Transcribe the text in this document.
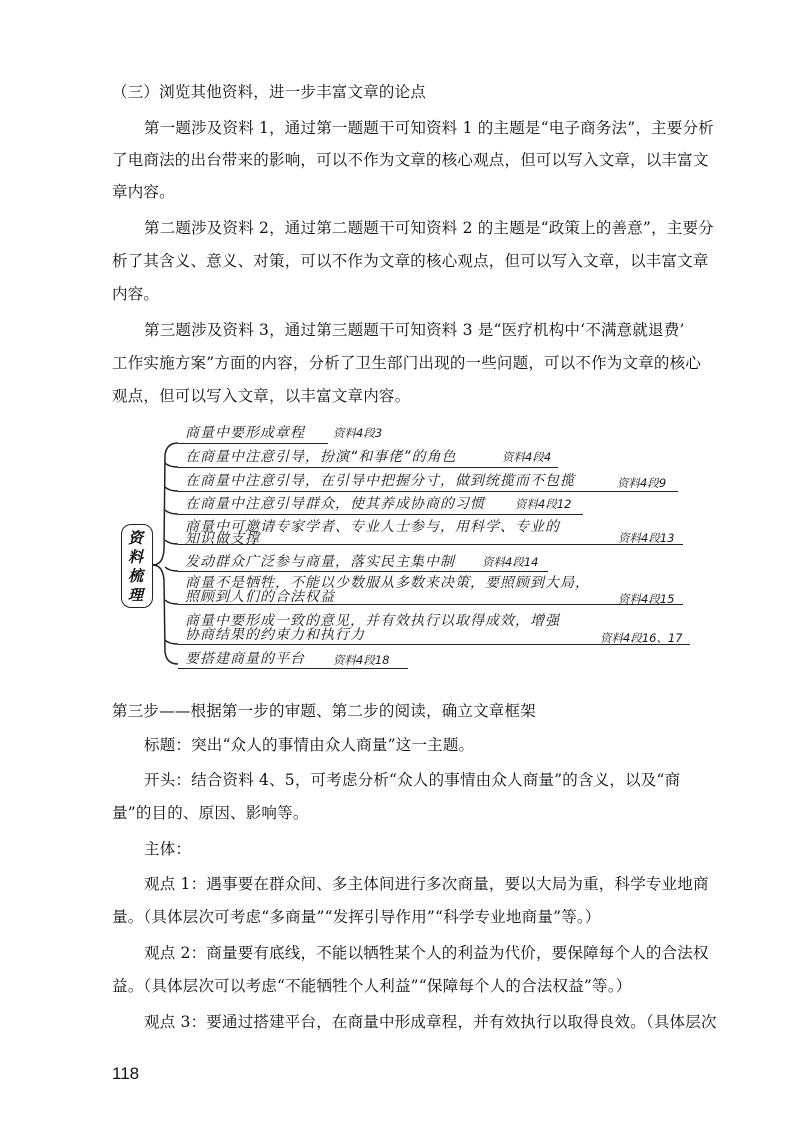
（三）浏览其他资料，进一步丰富文章的论点
第一题涉及资料 1，通过第一题题干可知资料 1 的主题是“电子商务法”，主要分析
了电商法的出台带来的影响，可以不作为文章的核心观点，但可以写入文章，以丰富文
章内容。
第二题涉及资料 2，通过第二题题干可知资料 2 的主题是“政策上的善意”，主要分
析了其含义、意义、对策，可以不作为文章的核心观点，但可以写入文章，以丰富文章
内容。
第三题涉及资料 3，通过第三题题干可知资料 3 是“医疗机构中‘不满意就退费’
工作实施方案”方面的内容，分析了卫生部门出现的一些问题，可以不作为文章的核心
观点，但可以写入文章，以丰富文章内容。
资
料
梳
理
商量中要形成章程 资料4段3
在商量中注意引导，扮演“和事佬”的角色	资料4段4
在商量中注意引导，在引导中把握分寸，做到统揽而不包揽	资料4段9
在商量中注意引导群众，使其养成协商的习惯	资料4段12
商量中可邀请专家学者、专业人士参与，用科学、专业的
知识做支撑	资料4段13
发动群众广泛参与商量，落实民主集中制 资料4段14
商量不是牺牲，不能以少数服从多数来决策，要照顾到大局，
照顾到人们的合法权益	资料4段15
商量中要形成一致的意见，并有效执行以取得成效，增强
协商结果的约束力和执行力	资料4段16、17
要搭建商量的平台 资料4段18
第三步——根据第一步的审题、第二步的阅读，确立文章框架
标题：突出“众人的事情由众人商量”这一主题。
开头：结合资料 4、5，可考虑分析“众人的事情由众人商量”的含义，以及“商
量”的目的、原因、影响等。
主体：
观点 1：遇事要在群众间、多主体间进行多次商量，要以大局为重，科学专业地商
量。（具体层次可考虑“多商量”“发挥引导作用”“科学专业地商量”等。）
观点 2：商量要有底线，不能以牺牲某个人的利益为代价，要保障每个人的合法权
益。（具体层次可以考虑“不能牺牲个人利益”“保障每个人的合法权益”等。）
观点 3：要通过搭建平台，在商量中形成章程，并有效执行以取得良效。（具体层次
118
